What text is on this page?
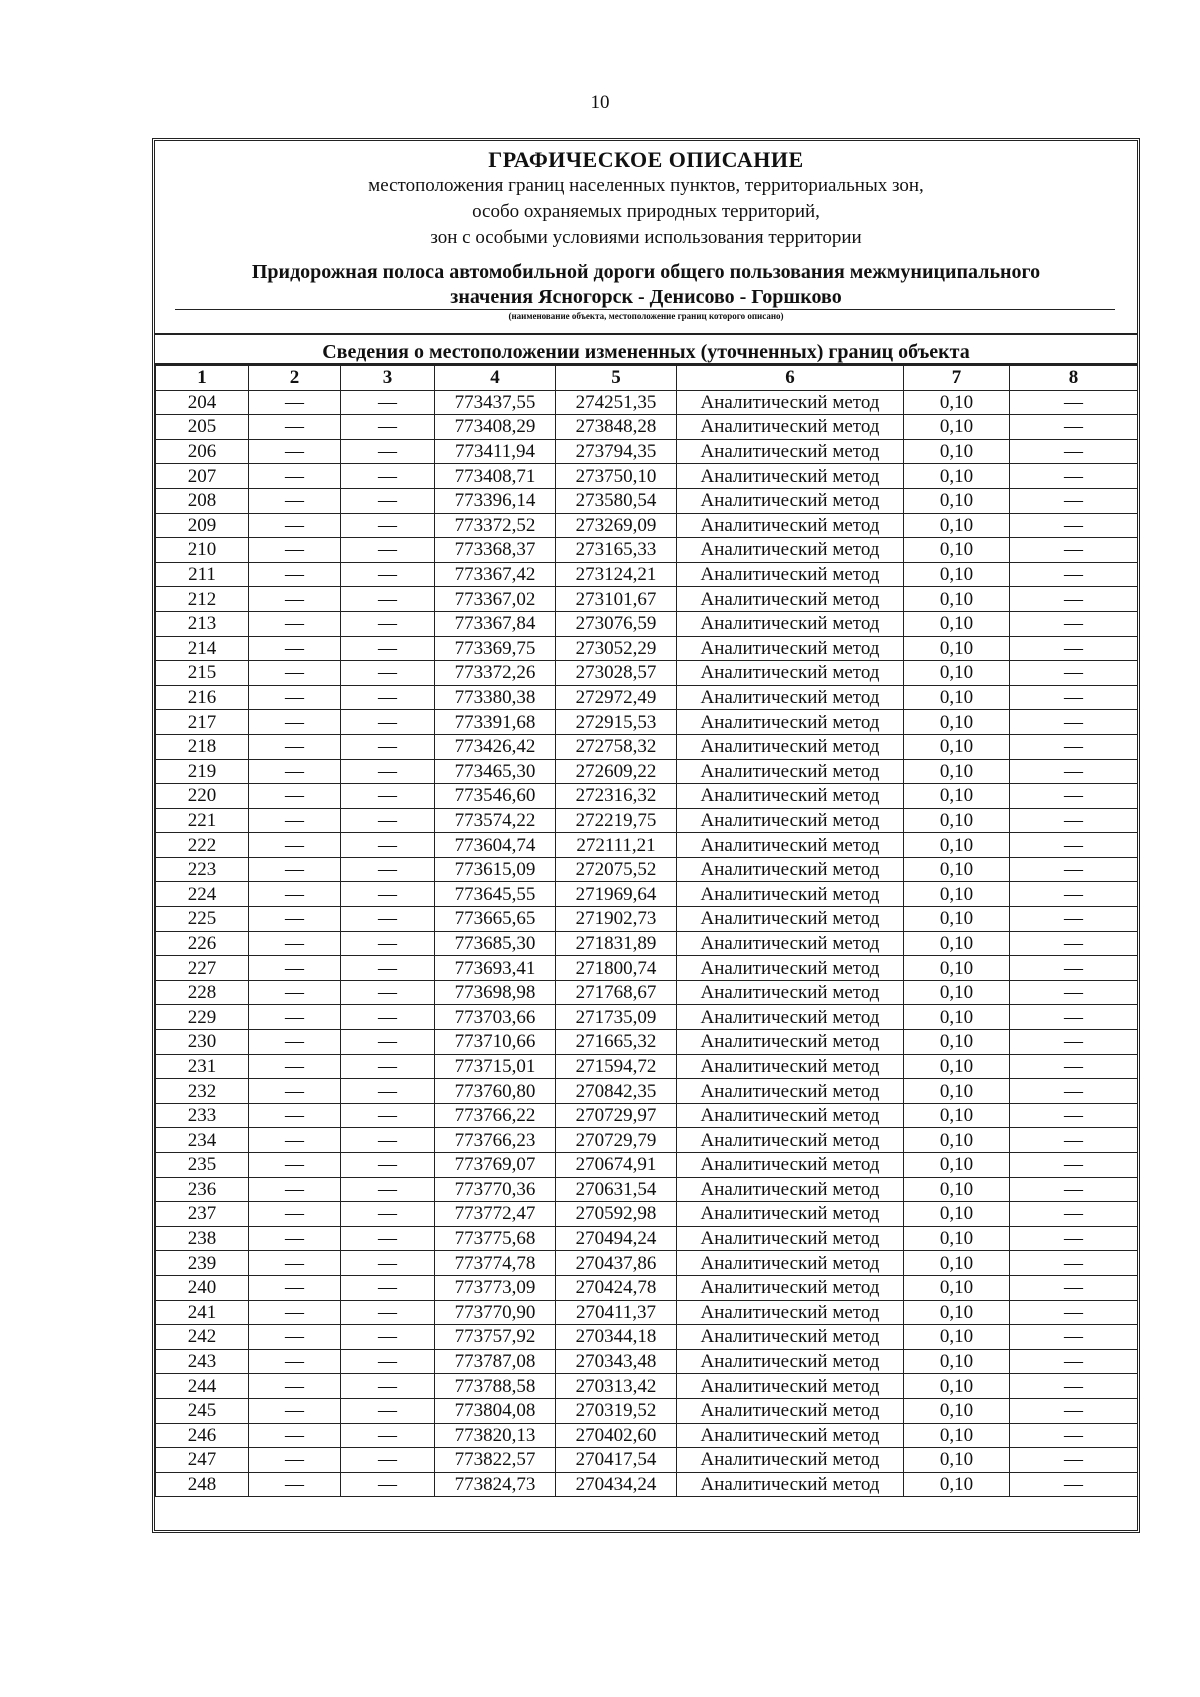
10
ГРАФИЧЕСКОЕ ОПИСАНИЕ
местоположения границ населенных пунктов, территориальных зон,
особо охраняемых природных территорий,
зон с особыми условиями использования территории
Придорожная полоса автомобильной дороги общего пользования межмуниципального
значения Ясногорск - Денисово - Горшково
(наименование объекта, местоположение границ которого описано)
Сведения о местоположении измененных (уточненных) границ объекта
1	2	3	4	5	6	7	8
204	—	—	773437,55	274251,35	Аналитический метод	0,10	—
205	—	—	773408,29	273848,28	Аналитический метод	0,10	—
206	—	—	773411,94	273794,35	Аналитический метод	0,10	—
207	—	—	773408,71	273750,10	Аналитический метод	0,10	—
208	—	—	773396,14	273580,54	Аналитический метод	0,10	—
209	—	—	773372,52	273269,09	Аналитический метод	0,10	—
210	—	—	773368,37	273165,33	Аналитический метод	0,10	—
211	—	—	773367,42	273124,21	Аналитический метод	0,10	—
212	—	—	773367,02	273101,67	Аналитический метод	0,10	—
213	—	—	773367,84	273076,59	Аналитический метод	0,10	—
214	—	—	773369,75	273052,29	Аналитический метод	0,10	—
215	—	—	773372,26	273028,57	Аналитический метод	0,10	—
216	—	—	773380,38	272972,49	Аналитический метод	0,10	—
217	—	—	773391,68	272915,53	Аналитический метод	0,10	—
218	—	—	773426,42	272758,32	Аналитический метод	0,10	—
219	—	—	773465,30	272609,22	Аналитический метод	0,10	—
220	—	—	773546,60	272316,32	Аналитический метод	0,10	—
221	—	—	773574,22	272219,75	Аналитический метод	0,10	—
222	—	—	773604,74	272111,21	Аналитический метод	0,10	—
223	—	—	773615,09	272075,52	Аналитический метод	0,10	—
224	—	—	773645,55	271969,64	Аналитический метод	0,10	—
225	—	—	773665,65	271902,73	Аналитический метод	0,10	—
226	—	—	773685,30	271831,89	Аналитический метод	0,10	—
227	—	—	773693,41	271800,74	Аналитический метод	0,10	—
228	—	—	773698,98	271768,67	Аналитический метод	0,10	—
229	—	—	773703,66	271735,09	Аналитический метод	0,10	—
230	—	—	773710,66	271665,32	Аналитический метод	0,10	—
231	—	—	773715,01	271594,72	Аналитический метод	0,10	—
232	—	—	773760,80	270842,35	Аналитический метод	0,10	—
233	—	—	773766,22	270729,97	Аналитический метод	0,10	—
234	—	—	773766,23	270729,79	Аналитический метод	0,10	—
235	—	—	773769,07	270674,91	Аналитический метод	0,10	—
236	—	—	773770,36	270631,54	Аналитический метод	0,10	—
237	—	—	773772,47	270592,98	Аналитический метод	0,10	—
238	—	—	773775,68	270494,24	Аналитический метод	0,10	—
239	—	—	773774,78	270437,86	Аналитический метод	0,10	—
240	—	—	773773,09	270424,78	Аналитический метод	0,10	—
241	—	—	773770,90	270411,37	Аналитический метод	0,10	—
242	—	—	773757,92	270344,18	Аналитический метод	0,10	—
243	—	—	773787,08	270343,48	Аналитический метод	0,10	—
244	—	—	773788,58	270313,42	Аналитический метод	0,10	—
245	—	—	773804,08	270319,52	Аналитический метод	0,10	—
246	—	—	773820,13	270402,60	Аналитический метод	0,10	—
247	—	—	773822,57	270417,54	Аналитический метод	0,10	—
248	—	—	773824,73	270434,24	Аналитический метод	0,10	—
